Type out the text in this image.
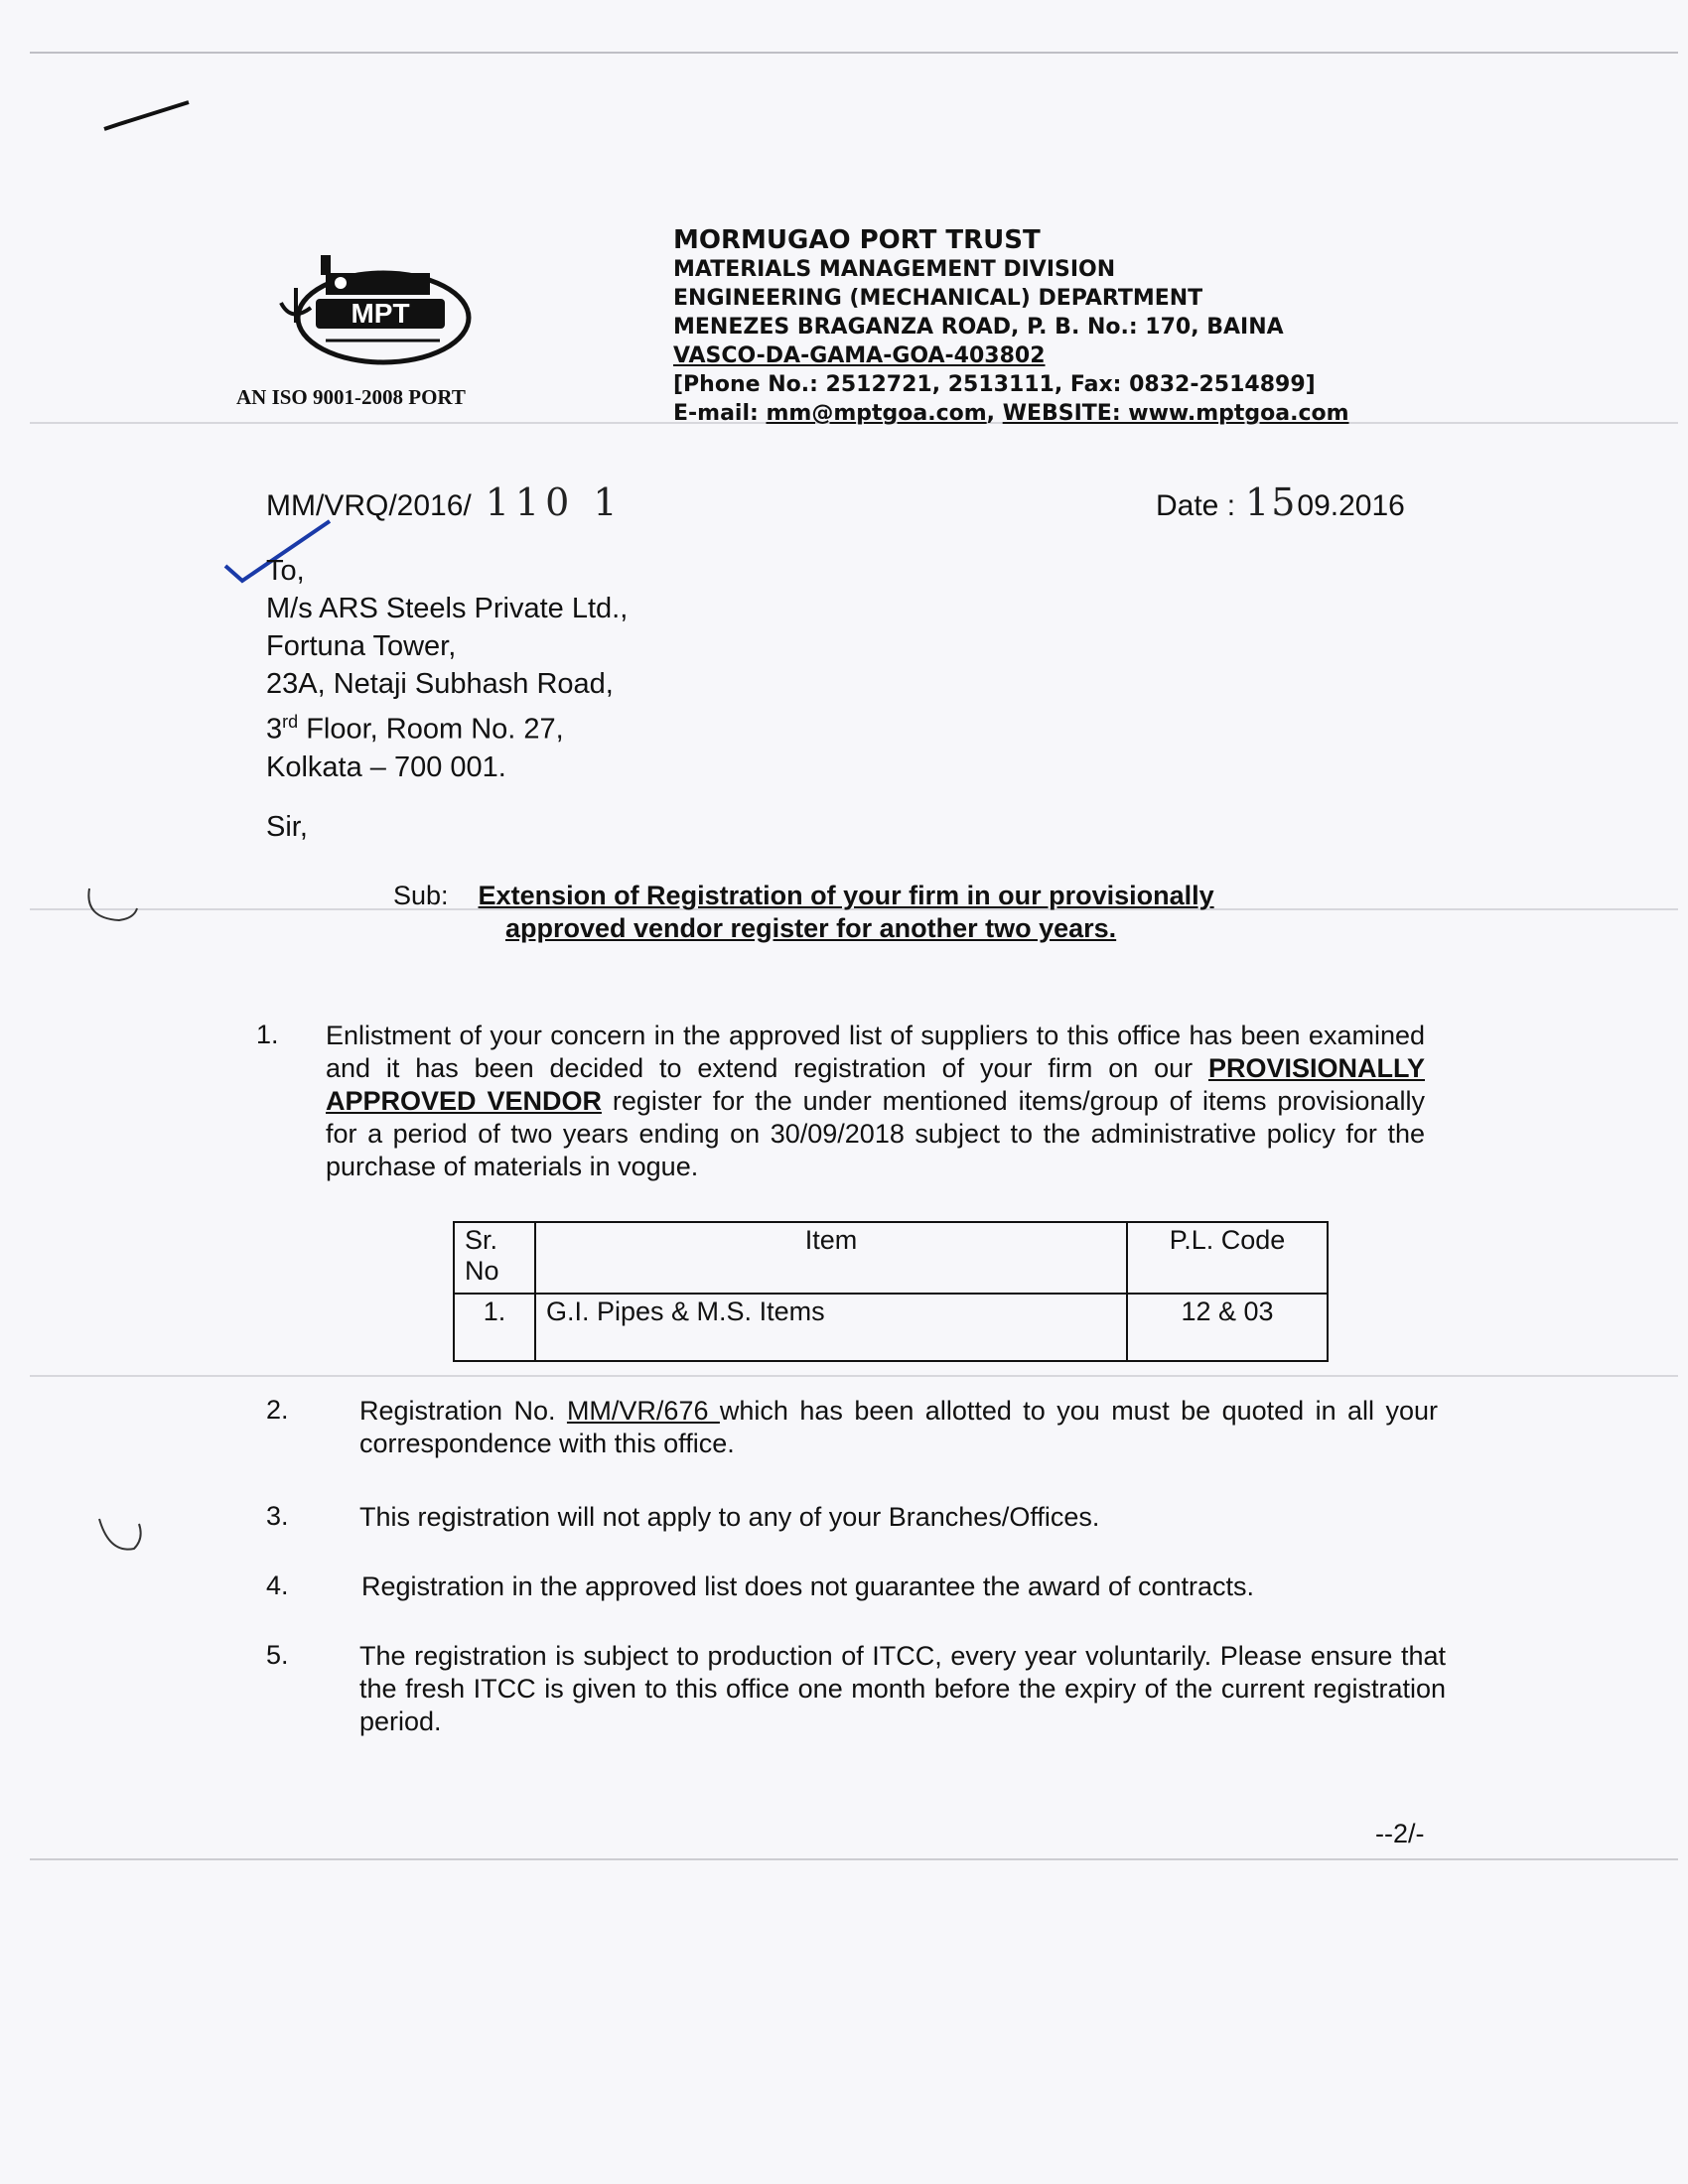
MPT
AN ISO 9001-2008 PORT
MORMUGAO PORT TRUST
MATERIALS MANAGEMENT DIVISION
ENGINEERING (MECHANICAL) DEPARTMENT
MENEZES BRAGANZA ROAD, P. B. No.: 170, BAINA
VASCO-DA-GAMA-GOA-403802
[Phone No.: 2512721, 2513111, Fax: 0832-2514899]
E-mail: mm@mptgoa.com, WEBSITE: www.mptgoa.com
MM/VRQ/2016/ 110 1	Date : 1509.2016
To,
M/s ARS Steels Private Ltd.,
Fortuna Tower,
23A, Netaji Subhash Road,
3rd Floor, Room No. 27,
Kolkata – 700 001.
Sir,
Sub: Extension of Registration of your firm in our provisionally
approved vendor register for another two years.
1. Enlistment of your concern in the approved list of suppliers to this office has been examined and it has been decided to extend registration of your firm on our PROVISIONALLY APPROVED VENDOR register for the under mentioned items/group of items provisionally for a period of two years ending on 30/09/2018 subject to the administrative policy for the purchase of materials in vogue.
Sr. No	Item	P.L. Code
1.	G.I. Pipes & M.S. Items	12 & 03
2.	Registration No. MM/VR/676 which has been allotted to you must be quoted in all your correspondence with this office.
3.	This registration will not apply to any of your Branches/Offices.
4.	Registration in the approved list does not guarantee the award of contracts.
5.	The registration is subject to production of ITCC, every year voluntarily. Please ensure that the fresh ITCC is given to this office one month before the expiry of the current registration period.
--2/-
